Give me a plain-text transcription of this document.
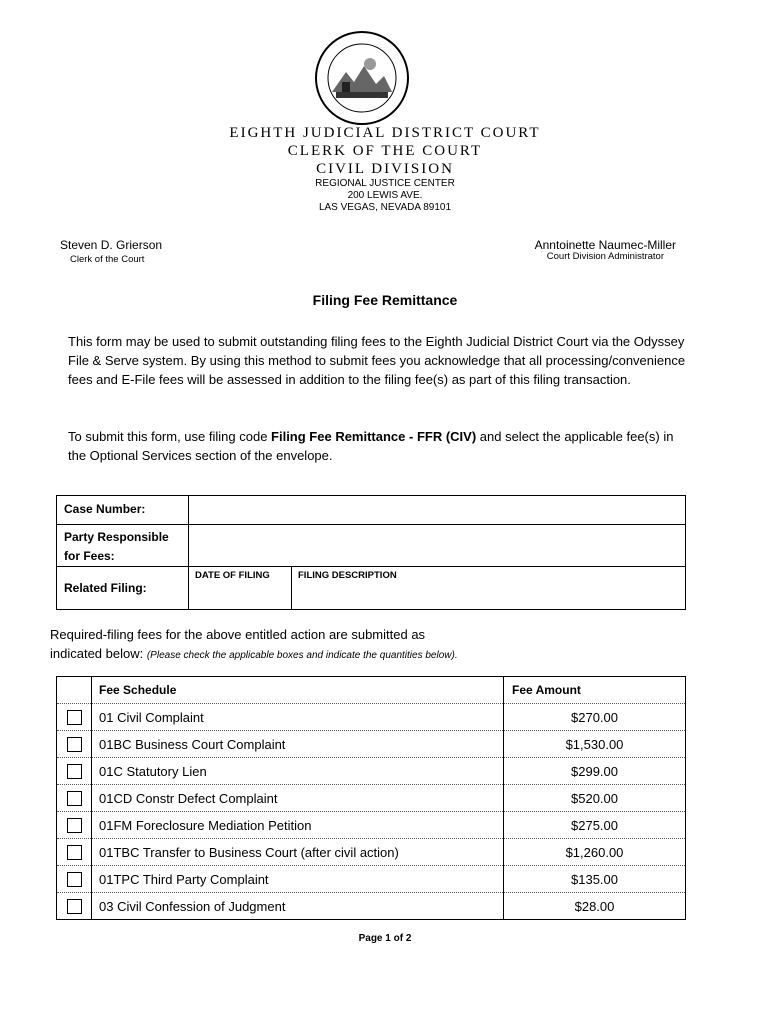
EIGHTH JUDICIAL DISTRICT COURT
CLERK OF THE COURT
CIVIL DIVISION
REGIONAL JUSTICE CENTER
200 LEWIS AVE.
LAS VEGAS, NEVADA 89101
Steven D. Grierson
Clerk of the Court
Anntoinette Naumec-Miller
Court Division Administrator
Filing Fee Remittance
This form may be used to submit outstanding filing fees to the Eighth Judicial District Court via the Odyssey File & Serve system. By using this method to submit fees you acknowledge that all processing/convenience fees and E-File fees will be assessed in addition to the filing fee(s) as part of this filing transaction.
To submit this form, use filing code Filing Fee Remittance - FFR (CIV) and select the applicable fee(s) in the Optional Services section of the envelope.
Case Number:		
Party Responsible
for Fees:		
Related Filing:	DATE OF FILING	FILING DESCRIPTION
Required-filing fees for the above entitled action are submitted as
indicated below: (Please check the applicable boxes and indicate the quantities below).
	Fee Schedule	Fee Amount
	01 Civil Complaint	$270.00
	01BC Business Court Complaint	$1,530.00
	01C Statutory Lien	$299.00
	01CD Constr Defect Complaint	$520.00
	01FM Foreclosure Mediation Petition	$275.00
	01TBC Transfer to Business Court (after civil action)	$1,260.00
	01TPC Third Party Complaint	$135.00
	03 Civil Confession of Judgment	$28.00
Page 1 of 2
